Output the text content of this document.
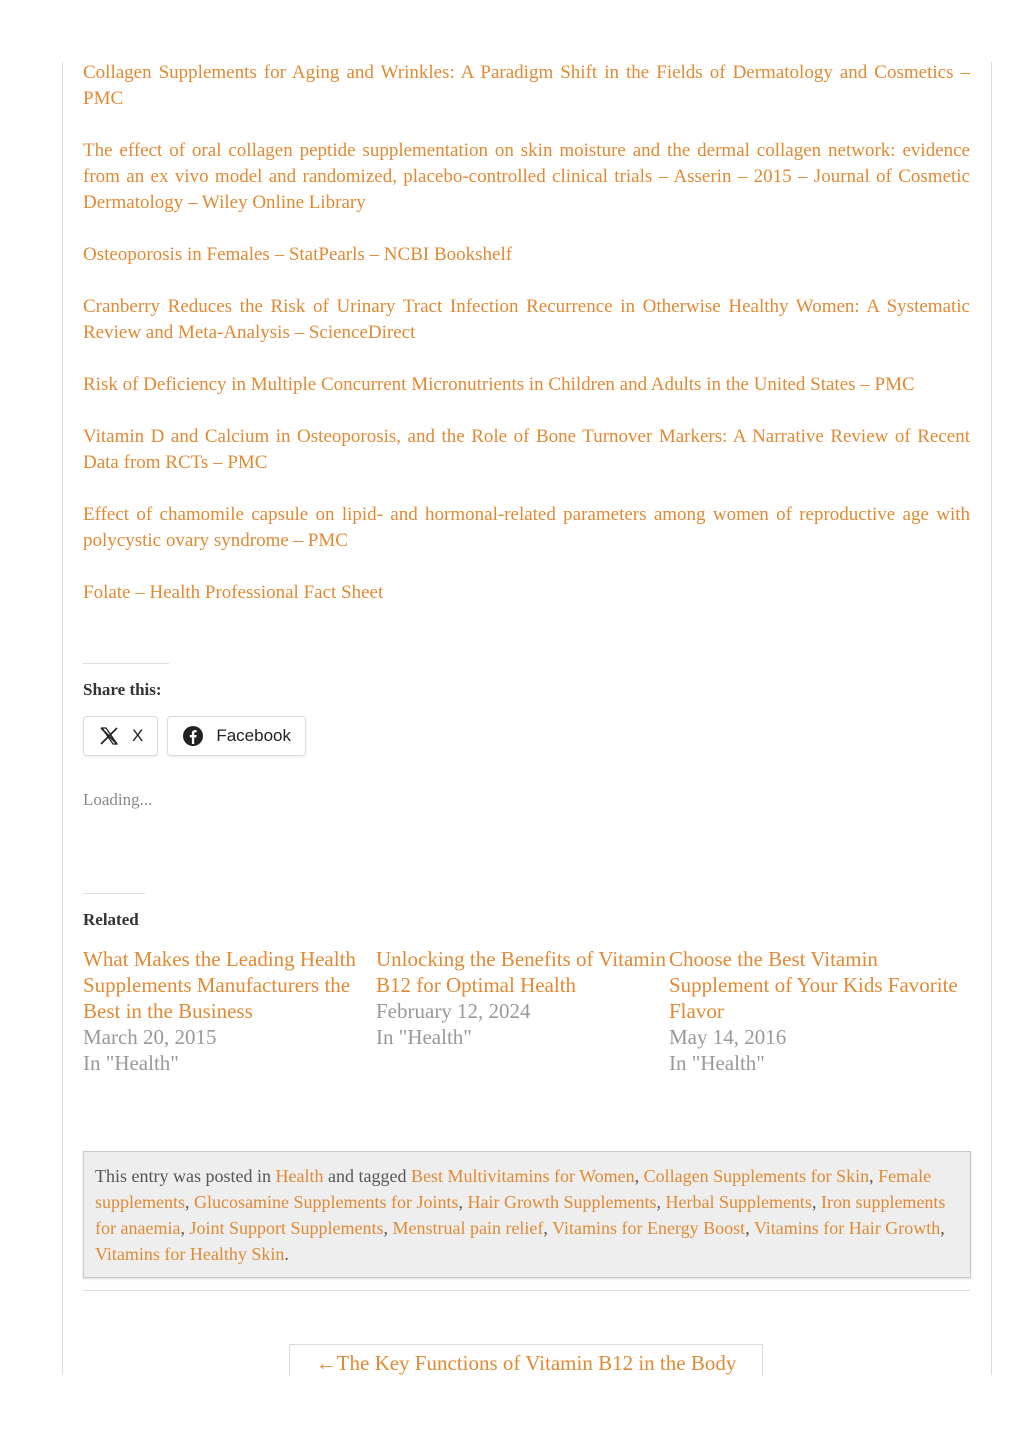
Collagen Supplements for Aging and Wrinkles: A Paradigm Shift in the Fields of Dermatology and Cosmetics – PMC

The effect of oral collagen peptide supplementation on skin moisture and the dermal collagen network: evidence from an ex vivo model and randomized, placebo-controlled clinical trials – Asserin – 2015 – Journal of Cosmetic Dermatology – Wiley Online Library

Osteoporosis in Females – StatPearls – NCBI Bookshelf

Cranberry Reduces the Risk of Urinary Tract Infection Recurrence in Otherwise Healthy Women: A Systematic Review and Meta-Analysis – ScienceDirect

Risk of Deficiency in Multiple Concurrent Micronutrients in Children and Adults in the United States – PMC

Vitamin D and Calcium in Osteoporosis, and the Role of Bone Turnover Markers: A Narrative Review of Recent Data from RCTs – PMC

Effect of chamomile capsule on lipid- and hormonal-related parameters among women of reproductive age with polycystic ovary syndrome – PMC

Folate – Health Professional Fact Sheet

Share this:
X	Facebook
Loading...
Related
What Makes the Leading Health Supplements Manufacturers the Best in the Business
March 20, 2015
In "Health"
Unlocking the Benefits of Vitamin B12 for Optimal Health
February 12, 2024
In "Health"
Choose the Best Vitamin Supplement of Your Kids Favorite Flavor
May 14, 2016
In "Health"
This entry was posted in Health and tagged Best Multivitamins for Women, Collagen Supplements for Skin, Female supplements, Glucosamine Supplements for Joints, Hair Growth Supplements, Herbal Supplements, Iron supplements for anaemia, Joint Support Supplements, Menstrual pain relief, Vitamins for Energy Boost, Vitamins for Hair Growth, Vitamins for Healthy Skin.
←The Key Functions of Vitamin B12 in the Body
